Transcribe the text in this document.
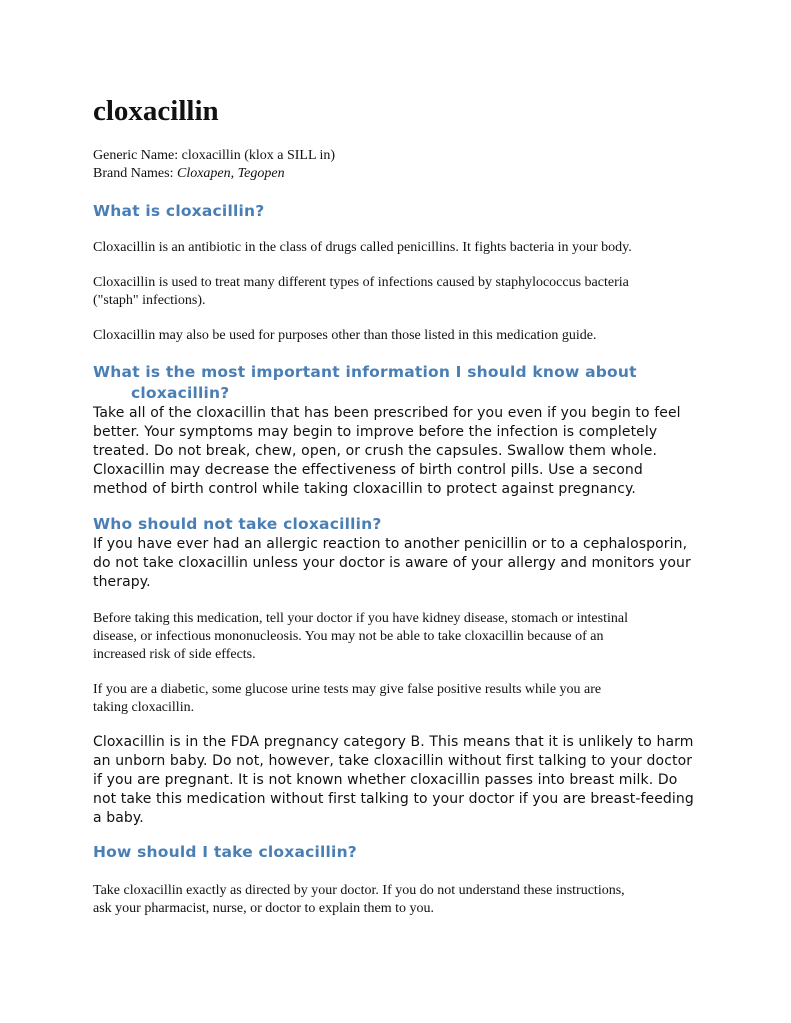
cloxacillin

Generic Name: cloxacillin (klox a SILL in)

Brand Names: Cloxapen, Tegopen

What is cloxacillin?

Cloxacillin is an antibiotic in the class of drugs called penicillins. It fights bacteria in your body.

Cloxacillin is used to treat many different types of infections caused by staphylococcus bacteria
("staph" infections).

Cloxacillin may also be used for purposes other than those listed in this medication guide.

What is the most important information I should know about
cloxacillin?

Take all of the cloxacillin that has been prescribed for you even if you begin to feel
better. Your symptoms may begin to improve before the infection is completely
treated. Do not break, chew, open, or crush the capsules. Swallow them whole.
Cloxacillin may decrease the effectiveness of birth control pills. Use a second
method of birth control while taking cloxacillin to protect against pregnancy.

Who should not take cloxacillin?

If you have ever had an allergic reaction to another penicillin or to a cephalosporin,
do not take cloxacillin unless your doctor is aware of your allergy and monitors your
therapy.

Before taking this medication, tell your doctor if you have kidney disease, stomach or intestinal
disease, or infectious mononucleosis. You may not be able to take cloxacillin because of an
increased risk of side effects.

If you are a diabetic, some glucose urine tests may give false positive results while you are
taking cloxacillin.

Cloxacillin is in the FDA pregnancy category B. This means that it is unlikely to harm
an unborn baby. Do not, however, take cloxacillin without first talking to your doctor
if you are pregnant. It is not known whether cloxacillin passes into breast milk. Do
not take this medication without first talking to your doctor if you are breast-feeding
a baby.

How should I take cloxacillin?

Take cloxacillin exactly as directed by your doctor. If you do not understand these instructions,
ask your pharmacist, nurse, or doctor to explain them to you.
